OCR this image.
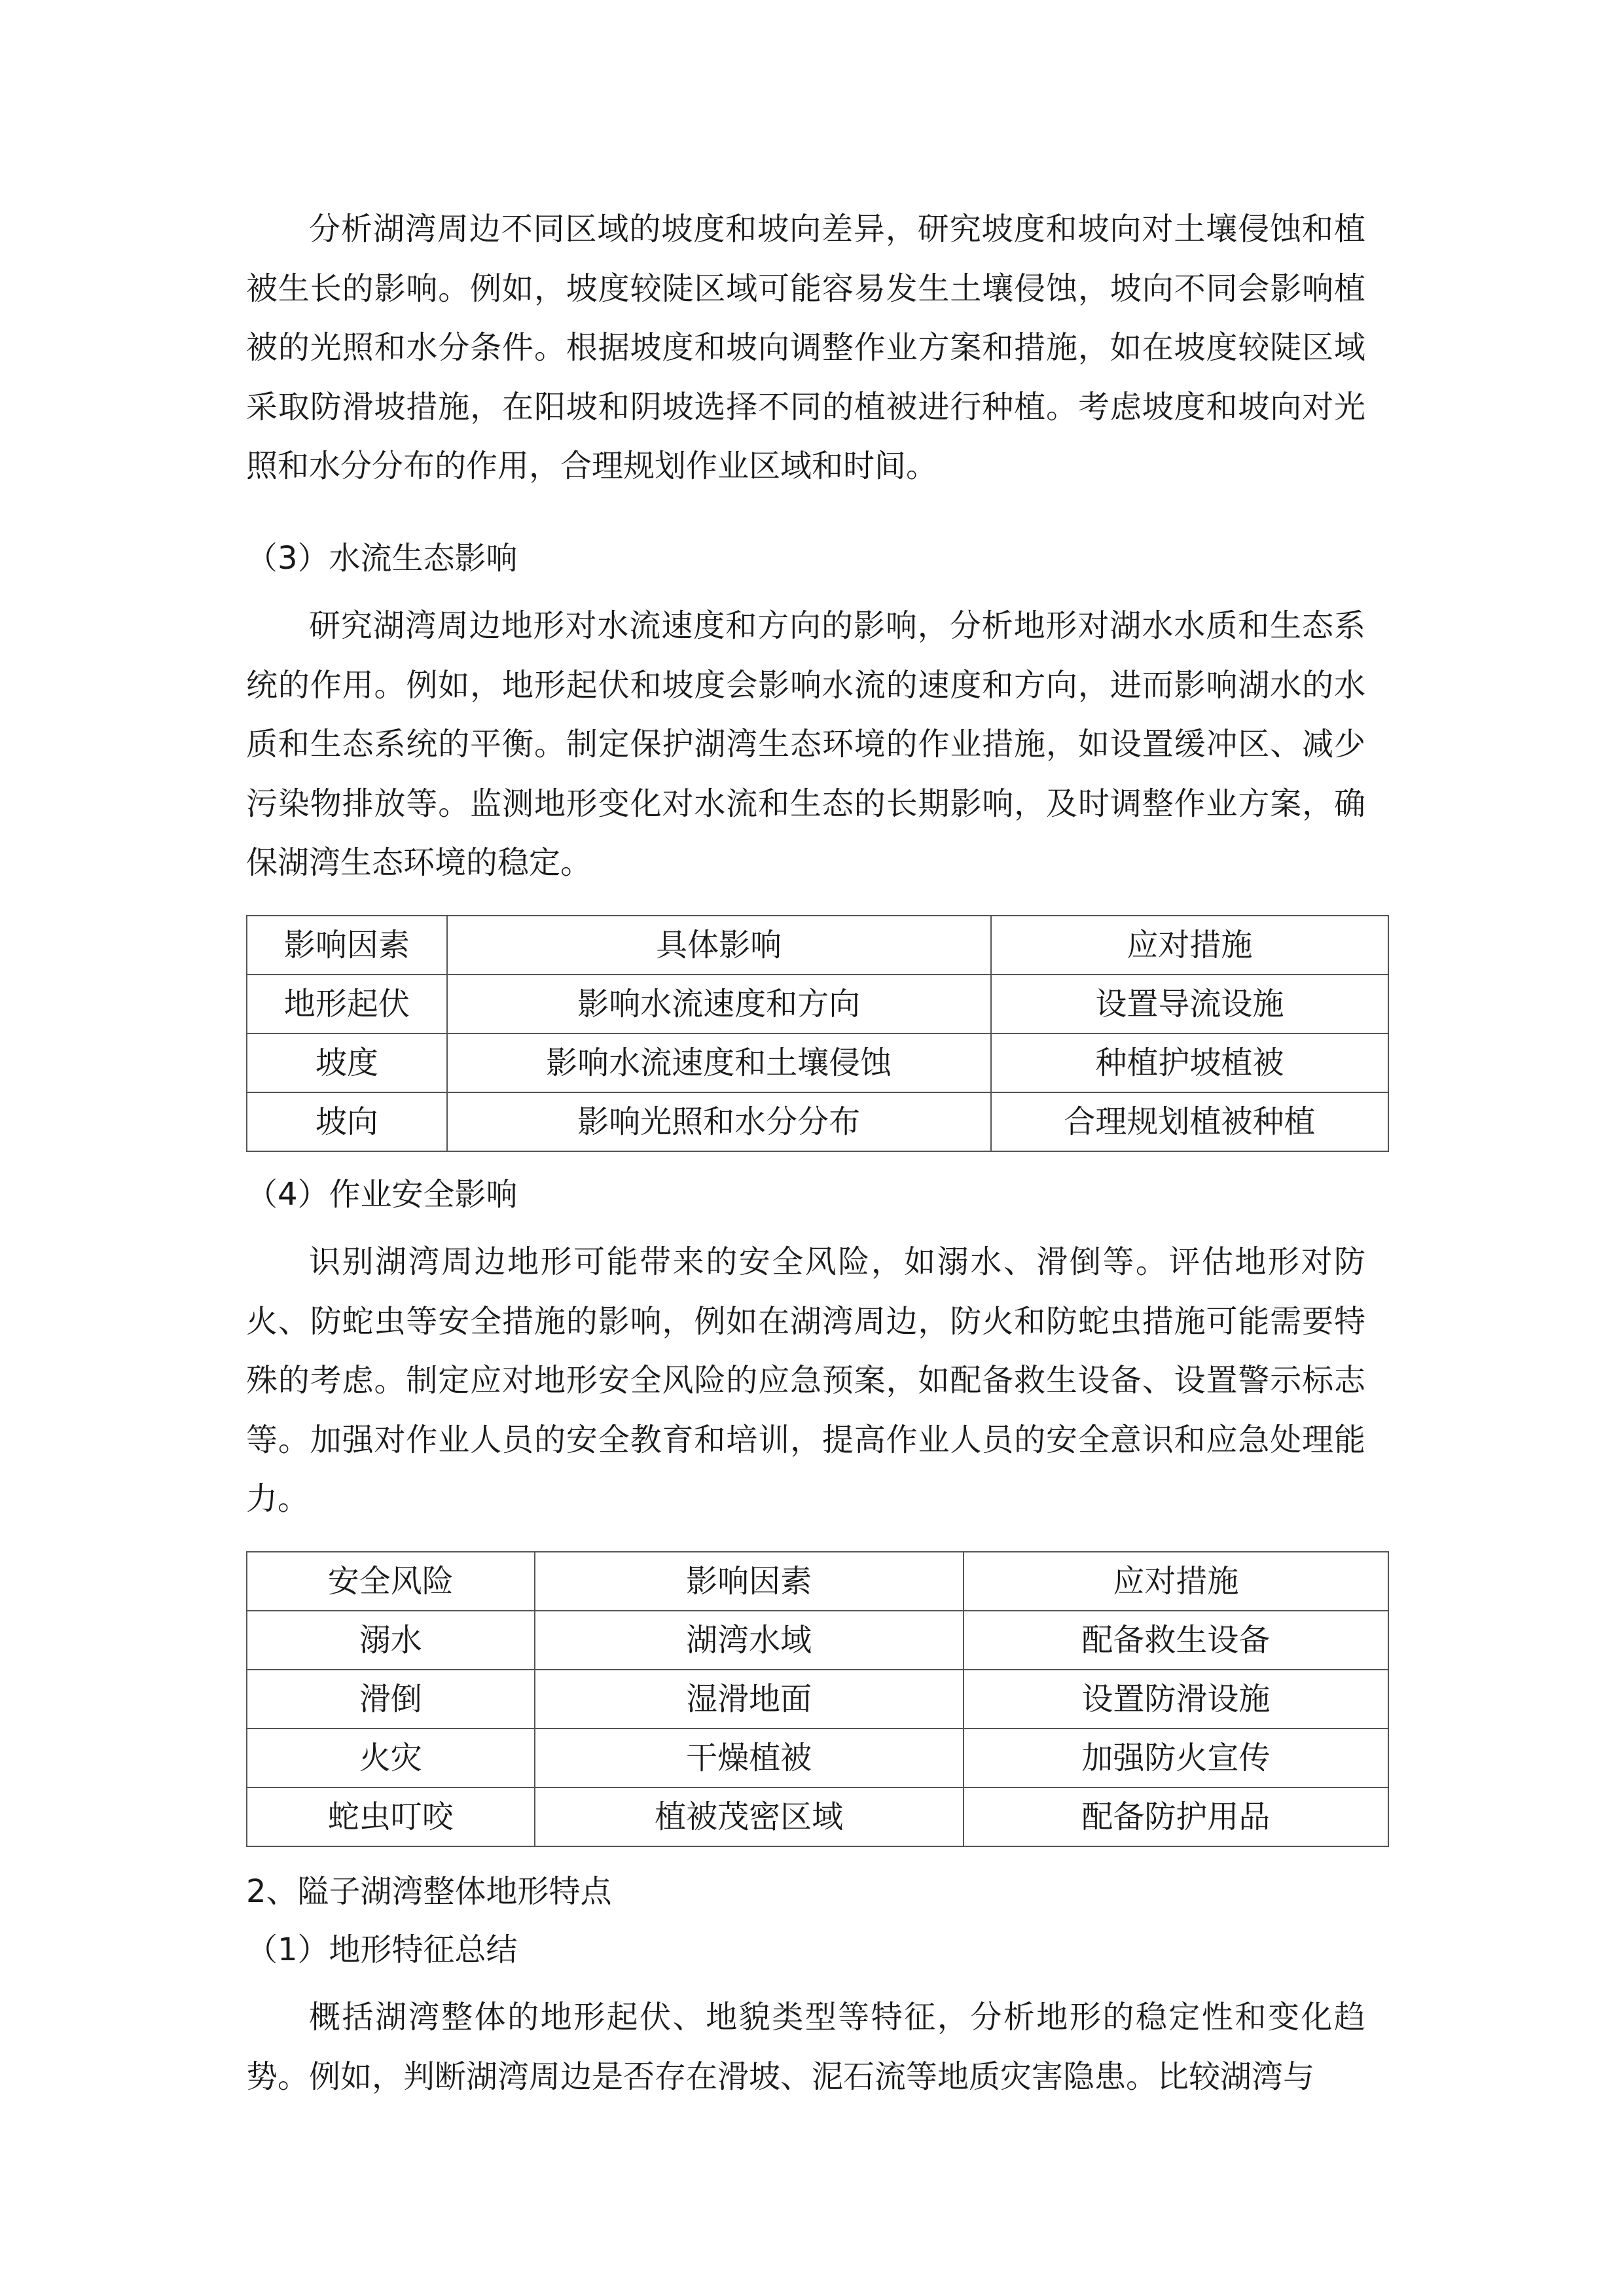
分析湖湾周边不同区域的坡度和坡向差异，研究坡度和坡向对土壤侵蚀和植被生长的影响。例如，坡度较陡区域可能容易发生土壤侵蚀，坡向不同会影响植被的光照和水分条件。根据坡度和坡向调整作业方案和措施，如在坡度较陡区域采取防滑坡措施，在阳坡和阴坡选择不同的植被进行种植。考虑坡度和坡向对光照和水分分布的作用，合理规划作业区域和时间。

（3）水流生态影响

研究湖湾周边地形对水流速度和方向的影响，分析地形对湖水水质和生态系统的作用。例如，地形起伏和坡度会影响水流的速度和方向，进而影响湖水的水质和生态系统的平衡。制定保护湖湾生态环境的作业措施，如设置缓冲区、减少污染物排放等。监测地形变化对水流和生态的长期影响，及时调整作业方案，确保湖湾生态环境的稳定。

影响因素	具体影响	应对措施
地形起伏	影响水流速度和方向	设置导流设施
坡度	影响水流速度和土壤侵蚀	种植护坡植被
坡向	影响光照和水分分布	合理规划植被种植
（4）作业安全影响

识别湖湾周边地形可能带来的安全风险，如溺水、滑倒等。评估地形对防火、防蛇虫等安全措施的影响，例如在湖湾周边，防火和防蛇虫措施可能需要特殊的考虑。制定应对地形安全风险的应急预案，如配备救生设备、设置警示标志等。加强对作业人员的安全教育和培训，提高作业人员的安全意识和应急处理能力。

安全风险	影响因素	应对措施
溺水	湖湾水域	配备救生设备
滑倒	湿滑地面	设置防滑设施
火灾	干燥植被	加强防火宣传
蛇虫叮咬	植被茂密区域	配备防护用品
2、隘子湖湾整体地形特点
（1）地形特征总结

概括湖湾整体的地形起伏、地貌类型等特征，分析地形的稳定性和变化趋势。例如，判断湖湾周边是否存在滑坡、泥石流等地质灾害隐患。比较湖湾与
